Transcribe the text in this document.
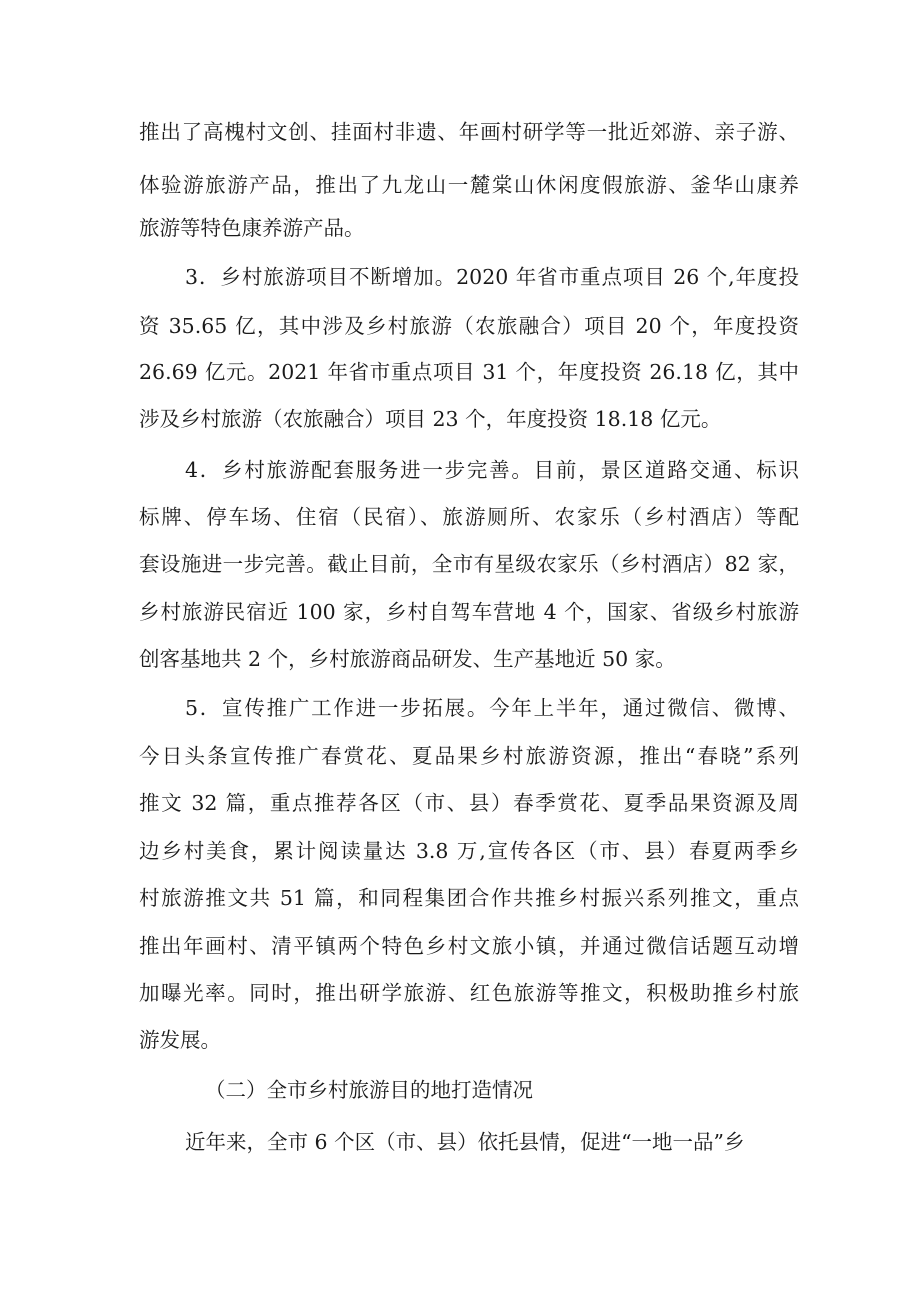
推出了高槐村文创、挂面村非遗、年画村研学等一批近郊游、亲子游、
体验游旅游产品，推出了九龙山一麓棠山休闲度假旅游、釜华山康养
旅游等特色康养游产品。
3．乡村旅游项目不断增加。2020 年省市重点项目 26 个,年度投
资 35.65 亿，其中涉及乡村旅游（农旅融合）项目 20 个，年度投资
26.69 亿元。2021 年省市重点项目 31 个，年度投资 26.18 亿，其中
涉及乡村旅游（农旅融合）项目 23 个，年度投资 18.18 亿元。
4．乡村旅游配套服务进一步完善。目前，景区道路交通、标识
标牌、停车场、住宿（民宿）、旅游厕所、农家乐（乡村酒店）等配
套设施进一步完善。截止目前，全市有星级农家乐（乡村酒店）82 家，
乡村旅游民宿近 100 家，乡村自驾车营地 4 个，国家、省级乡村旅游
创客基地共 2 个，乡村旅游商品研发、生产基地近 50 家。
5．宣传推广工作进一步拓展。今年上半年，通过微信、微博、
今日头条宣传推广春赏花、夏品果乡村旅游资源，推出“春晓”系列
推文 32 篇，重点推荐各区（市、县）春季赏花、夏季品果资源及周
边乡村美食，累计阅读量达 3.8 万,宣传各区（市、县）春夏两季乡
村旅游推文共 51 篇，和同程集团合作共推乡村振兴系列推文，重点
推出年画村、清平镇两个特色乡村文旅小镇，并通过微信话题互动增
加曝光率。同时，推出研学旅游、红色旅游等推文，积极助推乡村旅
游发展。
（二）全市乡村旅游目的地打造情况
近年来，全市 6 个区（市、县）依托县情，促进“一地一品”乡
